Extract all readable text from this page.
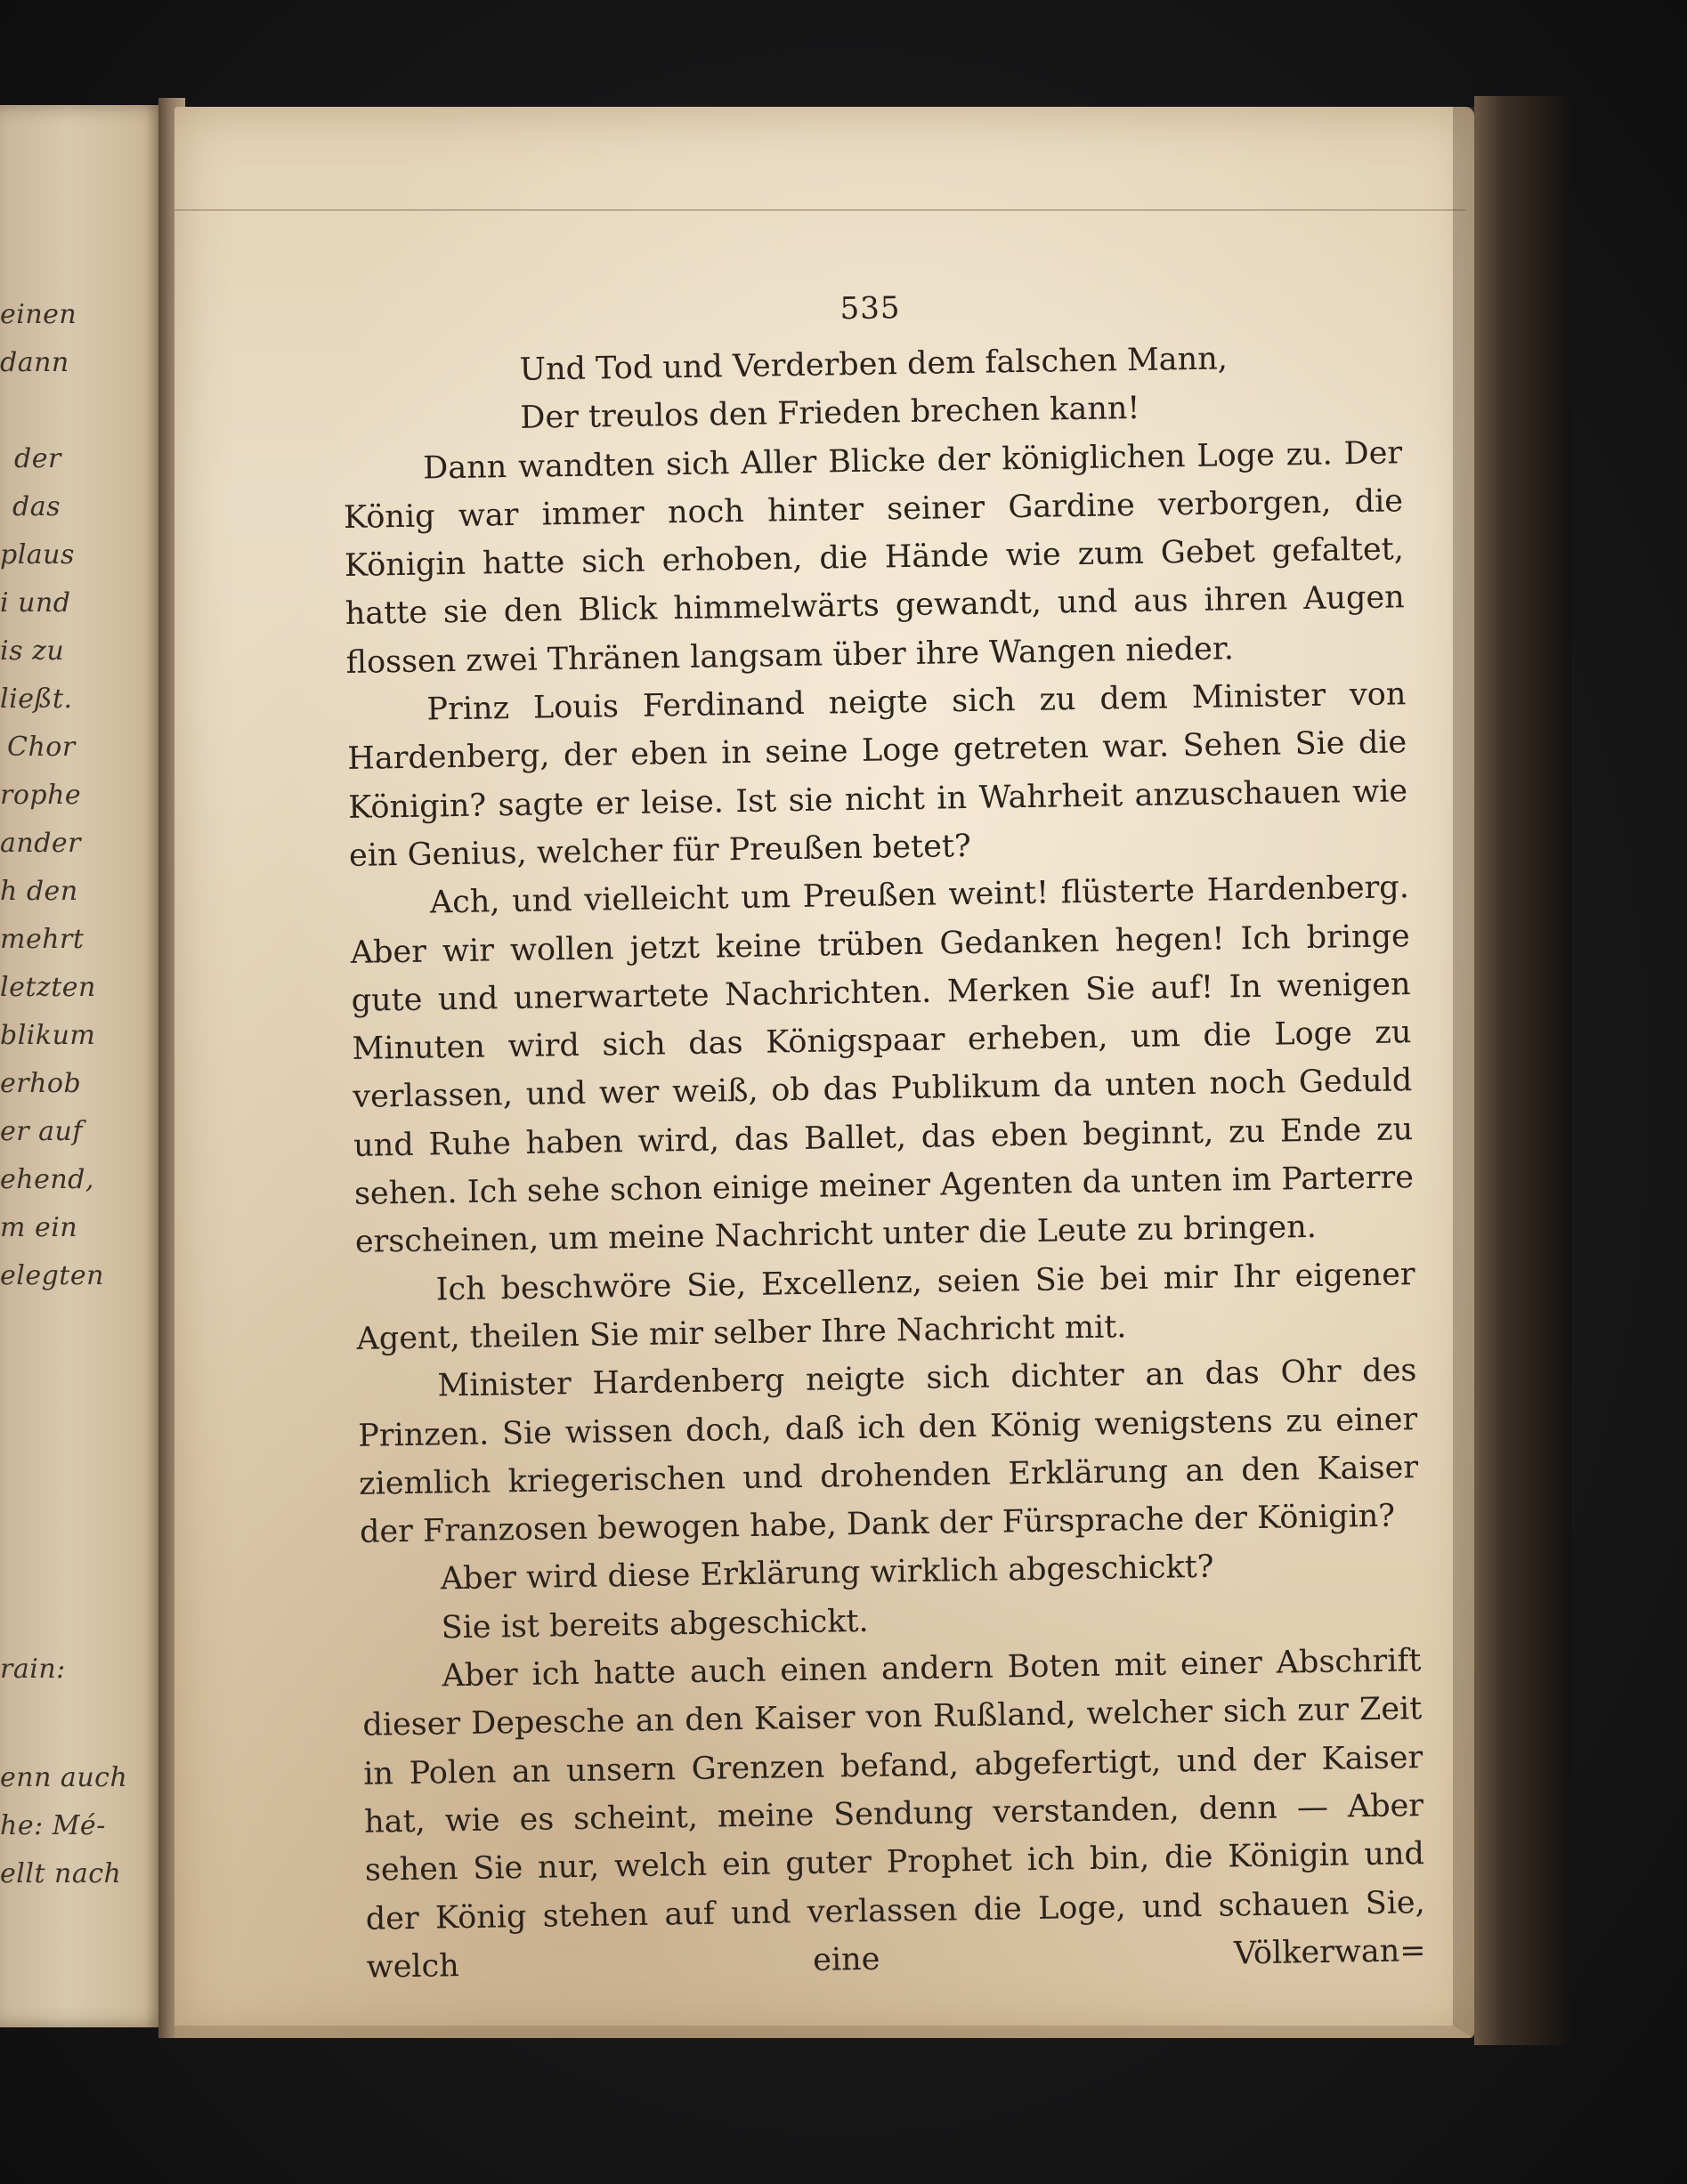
einen
dann
der
das
plaus
i und
is zu
ließt.
Chor
rophe
ander
h den
mehrt
letzten
blikum
erhob
er auf
ehend,
m ein
elegten
rain:
enn auch
he: Mé-
ellt nach
535

Und Tod und Verderben dem falschen Mann,

Der treulos den Frieden brechen kann!

Dann wandten sich Aller Blicke der königlichen Loge zu. Der König war immer noch hinter seiner Gardine verborgen, die Königin hatte sich erhoben, die Hände wie zum Gebet gefaltet, hatte sie den Blick himmelwärts gewandt, und aus ihren Augen flossen zwei Thränen langsam über ihre Wangen nieder.

Prinz Louis Ferdinand neigte sich zu dem Minister von Hardenberg, der eben in seine Loge getreten war. Sehen Sie die Königin? sagte er leise. Ist sie nicht in Wahrheit anzuschauen wie ein Genius, welcher für Preußen betet?

Ach, und vielleicht um Preußen weint! flüsterte Hardenberg. Aber wir wollen jetzt keine trüben Gedanken hegen! Ich bringe gute und unerwartete Nachrichten. Merken Sie auf! In wenigen Minuten wird sich das Königspaar erheben, um die Loge zu verlassen, und wer weiß, ob das Publikum da unten noch Geduld und Ruhe haben wird, das Ballet, das eben beginnt, zu Ende zu sehen. Ich sehe schon einige meiner Agenten da unten im Parterre erscheinen, um meine Nachricht unter die Leute zu bringen.

Ich beschwöre Sie, Excellenz, seien Sie bei mir Ihr eigener Agent, theilen Sie mir selber Ihre Nachricht mit.

Minister Hardenberg neigte sich dichter an das Ohr des Prinzen. Sie wissen doch, daß ich den König wenigstens zu einer ziemlich kriegerischen und drohenden Erklärung an den Kaiser der Franzosen bewogen habe, Dank der Fürsprache der Königin?

Aber wird diese Erklärung wirklich abgeschickt?

Sie ist bereits abgeschickt.

Aber ich hatte auch einen andern Boten mit einer Abschrift dieser Depesche an den Kaiser von Rußland, welcher sich zur Zeit in Polen an unsern Grenzen befand, abgefertigt, und der Kaiser hat, wie es scheint, meine Sendung verstanden, denn — Aber sehen Sie nur, welch ein guter Prophet ich bin, die Königin und der König stehen auf und verlassen die Loge, und schauen Sie, welch eine Völkerwan=
